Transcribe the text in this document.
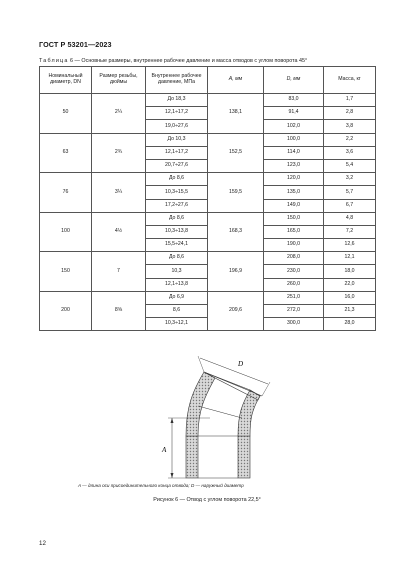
ГОСТ Р 53201—2023
Таблица 6 — Основные размеры, внутреннее рабочее давление и масса отводов с углом поворота 45°
Номинальный диаметр, DN	Размер резьбы, дюймы	Внутреннее рабочее давление, МПа	A, мм	D, мм	Масса, кг
50	2¼	До 18,3	138,1	83,0	1,7
		12,1÷17,2		91,4	2,8
		19,0÷27,6		102,0	3,8
63	2¾	До 10,3	152,5	100,0	2,2
		12,1÷17,2		114,0	3,6
		20,7÷27,6		123,0	5,4
76	3¼	До 8,6	159,5	120,0	3,2
		10,3÷15,5		135,0	5,7
		17,2÷27,6		149,0	6,7
100	4½	До 8,6	168,3	150,0	4,8
		10,3÷13,8		165,0	7,2
		15,5÷24,1		190,0	12,6
150	7	До 8,6	196,9	208,0	12,1
		10,3		230,0	18,0
		12,1÷13,8		260,0	22,0
200	8⅝	До 6,9	209,6	251,0	16,0
		8,6		272,0	21,3
		10,3÷12,1		300,0	28,0
D
A
A — длина оси присоединительного конца отвода; D — наружный диаметр
Рисунок 6 — Отвод с углом поворота 22,5°
12
